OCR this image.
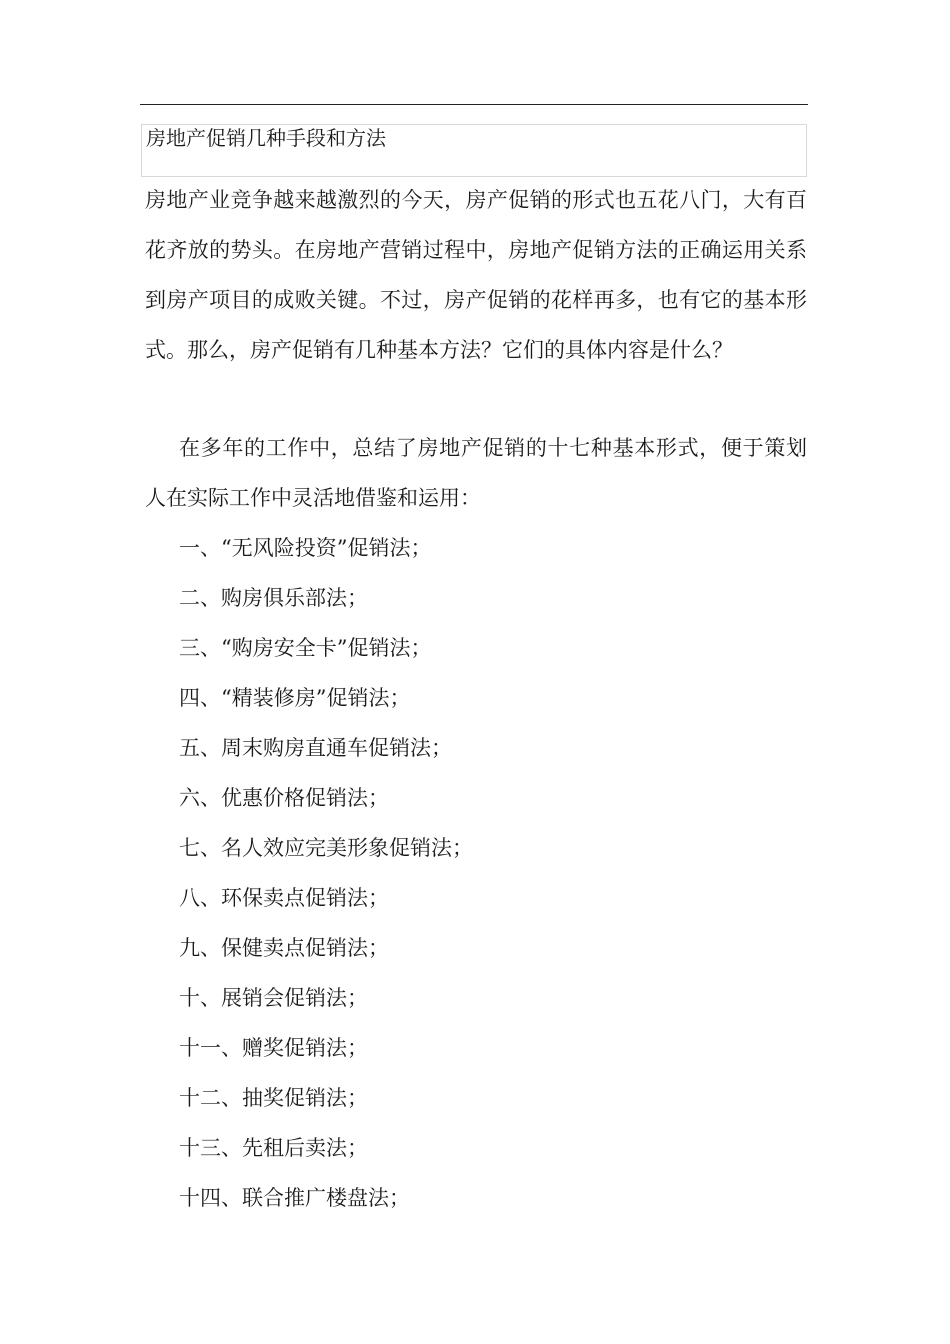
房地产促销几种手段和方法

房地产业竞争越来越激烈的今天，房产促销的形式也五花八门，大有百花齐放的势头。在房地产营销过程中，房地产促销方法的正确运用关系到房产项目的成败关键。不过，房产促销的花样再多，也有它的基本形式。那么，房产促销有几种基本方法？它们的具体内容是什么？

在多年的工作中，总结了房地产促销的十七种基本形式，便于策划人在实际工作中灵活地借鉴和运用：

一、“无风险投资”促销法；
二、购房俱乐部法；
三、“购房安全卡”促销法；
四、“精装修房”促销法；
五、周末购房直通车促销法；
六、优惠价格促销法；
七、名人效应完美形象促销法；
八、环保卖点促销法；
九、保健卖点促销法；
十、展销会促销法；
十一、赠奖促销法；
十二、抽奖促销法；
十三、先租后卖法；
十四、联合推广楼盘法；
